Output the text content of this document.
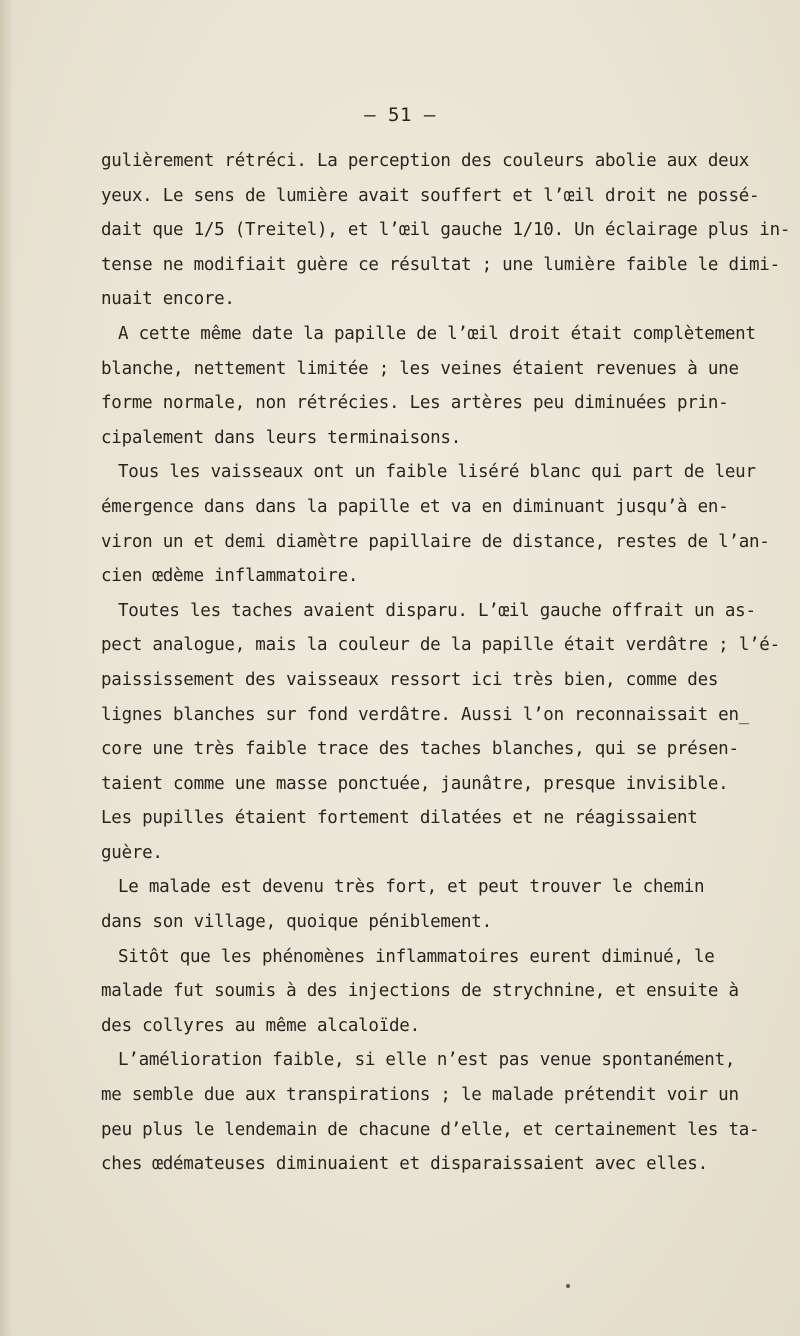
— 51 —
gulièrement rétréci. La perception des couleurs abolie aux deux
yeux. Le sens de lumière avait souffert et l’œil droit ne possé-
dait que 1/5 (Treitel), et l’œil gauche 1/10. Un éclairage plus in-
tense ne modifiait guère ce résultat ; une lumière faible le dimi-
nuait encore.
A cette même date la papille de l’œil droit était complètement
blanche, nettement limitée ; les veines étaient revenues à une
forme normale, non rétrécies. Les artères peu diminuées prin-
cipalement dans leurs terminaisons.
Tous les vaisseaux ont un faible liséré blanc qui part de leur
émergence dans dans la papille et va en diminuant jusqu’à en-
viron un et demi diamètre papillaire de distance, restes de l’an-
cien œdème inflammatoire.
Toutes les taches avaient disparu. L’œil gauche offrait un as-
pect analogue, mais la couleur de la papille était verdâtre ; l’é-
paississement des vaisseaux ressort ici très bien, comme des
lignes blanches sur fond verdâtre. Aussi l’on reconnaissait en_
core une très faible trace des taches blanches, qui se présen-
taient comme une masse ponctuée, jaunâtre, presque invisible.
Les pupilles étaient fortement dilatées et ne réagissaient
guère.
Le malade est devenu très fort, et peut trouver le chemin
dans son village, quoique péniblement.
Sitôt que les phénomènes inflammatoires eurent diminué, le
malade fut soumis à des injections de strychnine, et ensuite à
des collyres au même alcaloïde.
L’amélioration faible, si elle n’est pas venue spontanément,
me semble due aux transpirations ; le malade prétendit voir un
peu plus le lendemain de chacune d’elle, et certainement les ta-
ches œdémateuses diminuaient et disparaissaient avec elles.
